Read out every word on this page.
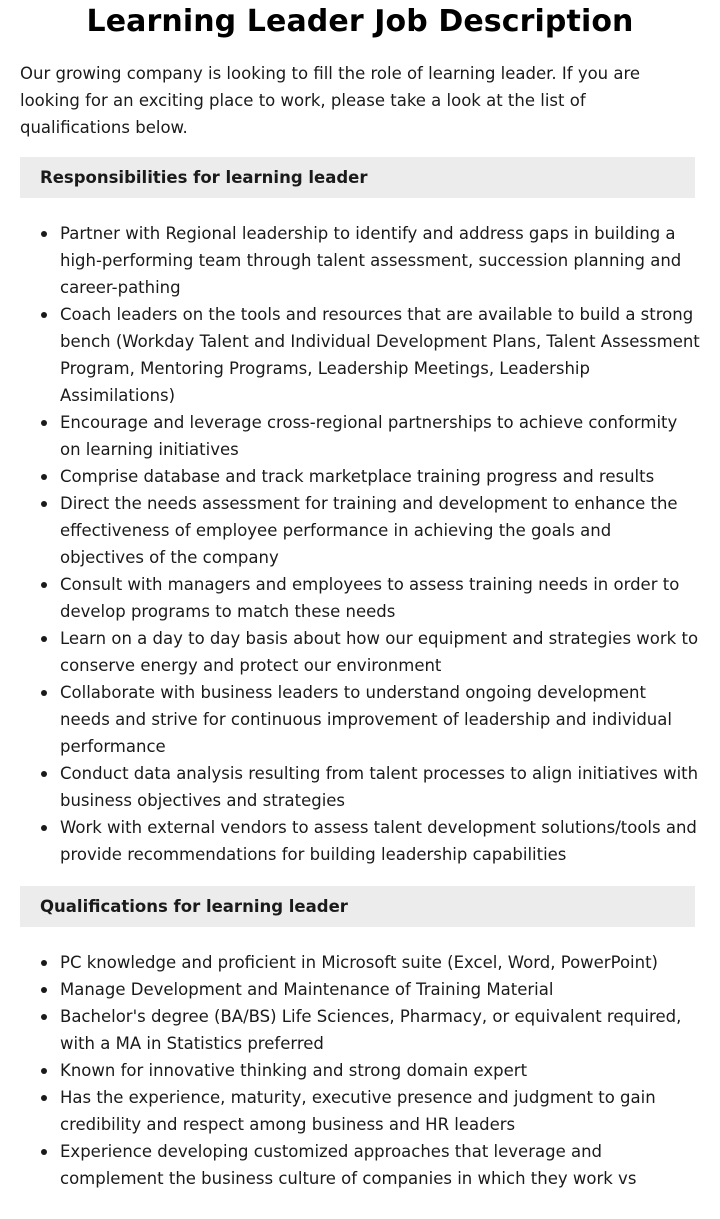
Learning Leader Job Description

Our growing company is looking to fill the role of learning leader. If you are looking for an exciting place to work, please take a look at the list of qualifications below.

Responsibilities for learning leader
Partner with Regional leadership to identify and address gaps in building a high-performing team through talent assessment, succession planning and career-pathing
Coach leaders on the tools and resources that are available to build a strong bench (Workday Talent and Individual Development Plans, Talent Assessment Program, Mentoring Programs, Leadership Meetings, Leadership Assimilations)
Encourage and leverage cross-regional partnerships to achieve conformity on learning initiatives
Comprise database and track marketplace training progress and results
Direct the needs assessment for training and development to enhance the effectiveness of employee performance in achieving the goals and objectives of the company
Consult with managers and employees to assess training needs in order to develop programs to match these needs
Learn on a day to day basis about how our equipment and strategies work to conserve energy and protect our environment
Collaborate with business leaders to understand ongoing development needs and strive for continuous improvement of leadership and individual performance
Conduct data analysis resulting from talent processes to align initiatives with business objectives and strategies
Work with external vendors to assess talent development solutions/tools and provide recommendations for building leadership capabilities
Qualifications for learning leader
PC knowledge and proficient in Microsoft suite (Excel, Word, PowerPoint)
Manage Development and Maintenance of Training Material
Bachelor's degree (BA/BS) Life Sciences, Pharmacy, or equivalent required, with a MA in Statistics preferred
Known for innovative thinking and strong domain expert
Has the experience, maturity, executive presence and judgment to gain credibility and respect among business and HR leaders
Experience developing customized approaches that leverage and complement the business culture of companies in which they work vs
